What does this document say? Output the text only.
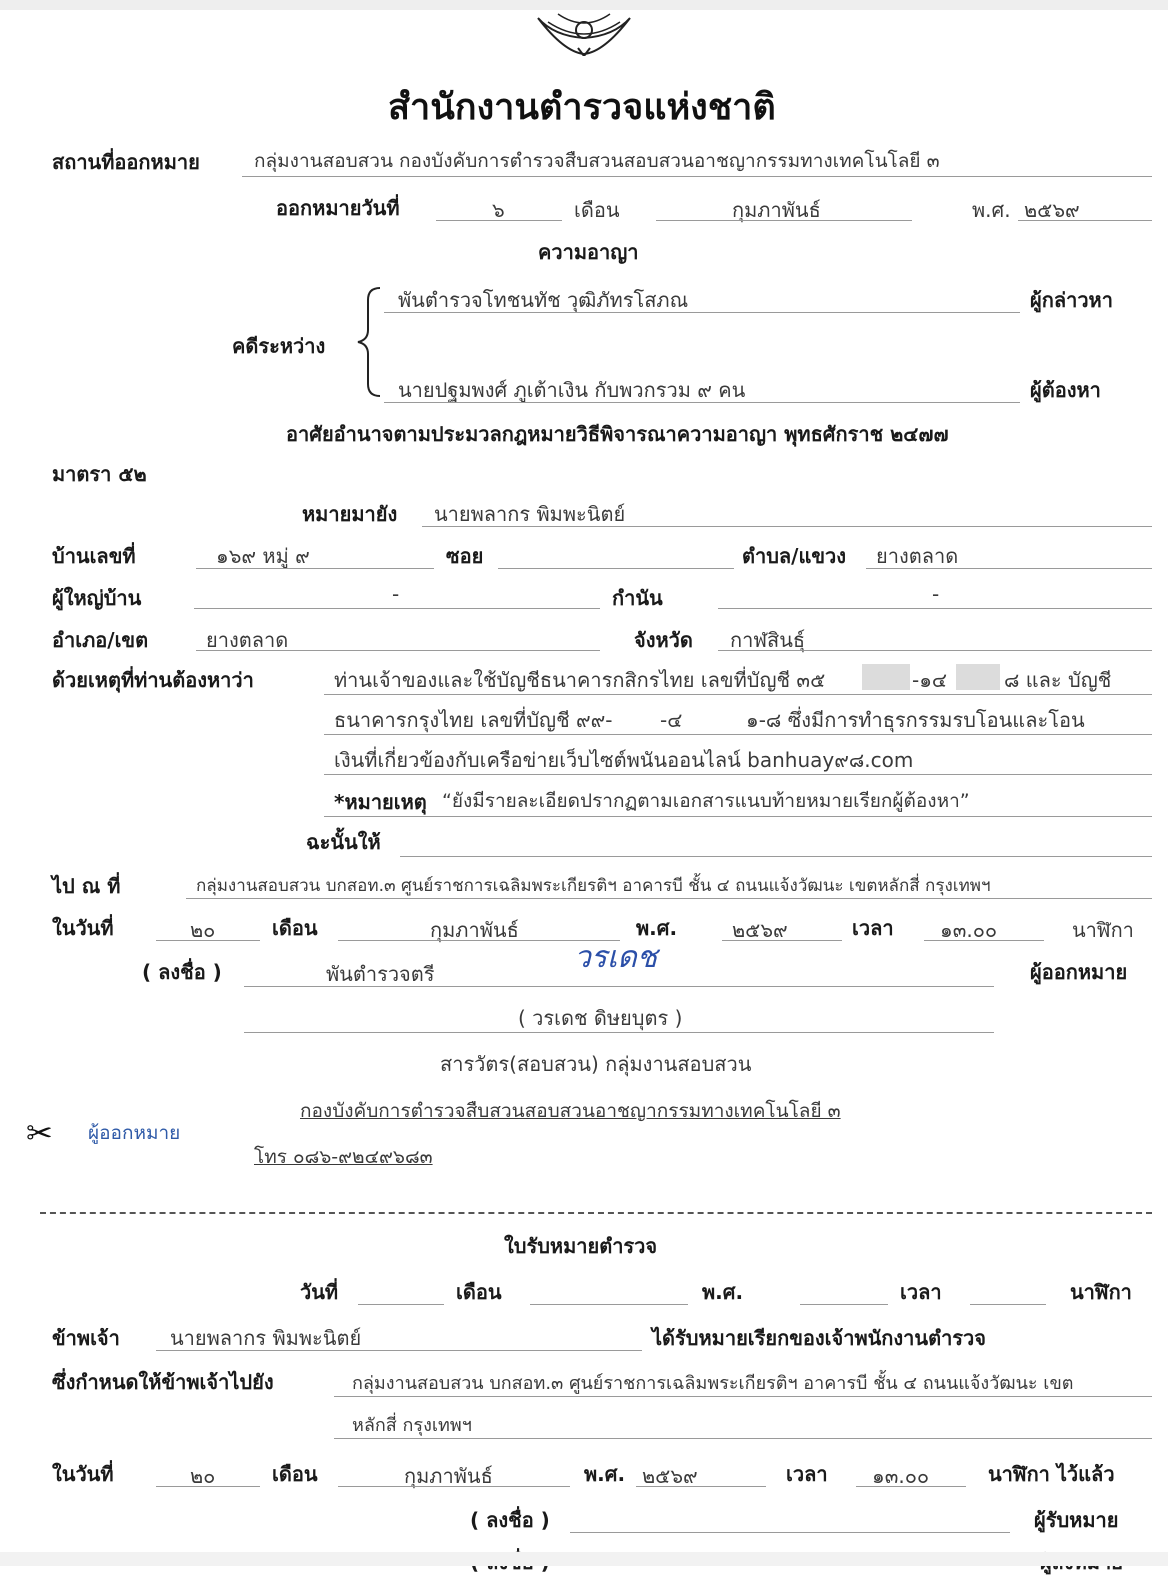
สำนักงานตำรวจแห่งชาติ
สถานที่ออกหมาย	กลุ่มงานสอบสวน กองบังคับการตำรวจสืบสวนสอบสวนอาชญากรรมทางเทคโนโลยี ๓
ออกหมายวันที่	๖	เดือน	กุมภาพันธ์	พ.ศ. ๒๕๖๙
ความอาญา
พันตำรวจโทชนทัช วุฒิภัทรโสภณ	ผู้กล่าวหา
คดีระหว่าง
นายปฐมพงศ์ ภูเต้าเงิน กับพวกรวม ๙ คน	ผู้ต้องหา
อาศัยอำนาจตามประมวลกฎหมายวิธีพิจารณาความอาญา พุทธศักราช ๒๔๗๗
มาตรา ๕๒
หมายมายัง นายพลากร พิมพะนิตย์
บ้านเลขที่	๑๖๙ หมู่ ๙	ซอย	ตำบล/แขวง ยางตลาด
ผู้ใหญ่บ้าน	-	กำนัน	-
อำเภอ/เขต	ยางตลาด	จังหวัด กาฬสินธุ์
ด้วยเหตุที่ท่านต้องหาว่า	ท่านเจ้าของและใช้บัญชีธนาคารกสิกรไทย เลขที่บัญชี ๓๕	-๑๔	๘ และ บัญชี
ธนาคารกรุงไทย เลขที่บัญชี ๙๙- -๔	๑-๘ ซึ่งมีการทำธุรกรรมรบโอนและโอน
เงินที่เกี่ยวข้องกับเครือข่ายเว็บไซต์พนันออนไลน์ banhuay๙๘.com
*หมายเหตุ “ยังมีรายละเอียดปรากฏตามเอกสารแนบท้ายหมายเรียกผู้ต้องหา”
ฉะนั้นให้
ไป ณ ที่	กลุ่มงานสอบสวน บกสอท.๓ ศูนย์ราชการเฉลิมพระเกียรติฯ อาคารบี ชั้น ๔ ถนนแจ้งวัฒนะ เขตหลักสี่ กรุงเทพฯ
ในวันที่	๒๐	เดือน	กุมภาพันธ์	พ.ศ.	๒๕๖๙	เวลา ๑๓.๐๐	นาฬิกา
( ลงชื่อ )	พันตำรวจตรี	วรเดช	ผู้ออกหมาย
( วรเดช ดิษยบุตร )
สารวัตร(สอบสวน) กลุ่มงานสอบสวน
กองบังคับการตำรวจสืบสวนสอบสวนอาชญากรรมทางเทคโนโลยี ๓
โทร ๐๘๖-๙๒๔๙๖๘๓
✂ ผู้ออกหมาย
ใบรับหมายตำรวจ
วันที่	เดือน	พ.ศ.	เวลา	นาฬิกา
ข้าพเจ้า	นายพลากร พิมพะนิตย์	ได้รับหมายเรียกของเจ้าพนักงานตำรวจ
ซึ่งกำหนดให้ข้าพเจ้าไปยัง	กลุ่มงานสอบสวน บกสอท.๓ ศูนย์ราชการเฉลิมพระเกียรติฯ อาคารบี ชั้น ๔ ถนนแจ้งวัฒนะ เขต
หลักสี่ กรุงเทพฯ
ในวันที่	๒๐	เดือน	กุมภาพันธ์	พ.ศ. ๒๕๖๙	เวลา ๑๓.๐๐	นาฬิกา ไว้แล้ว
( ลงชื่อ )	ผู้รับหมาย
